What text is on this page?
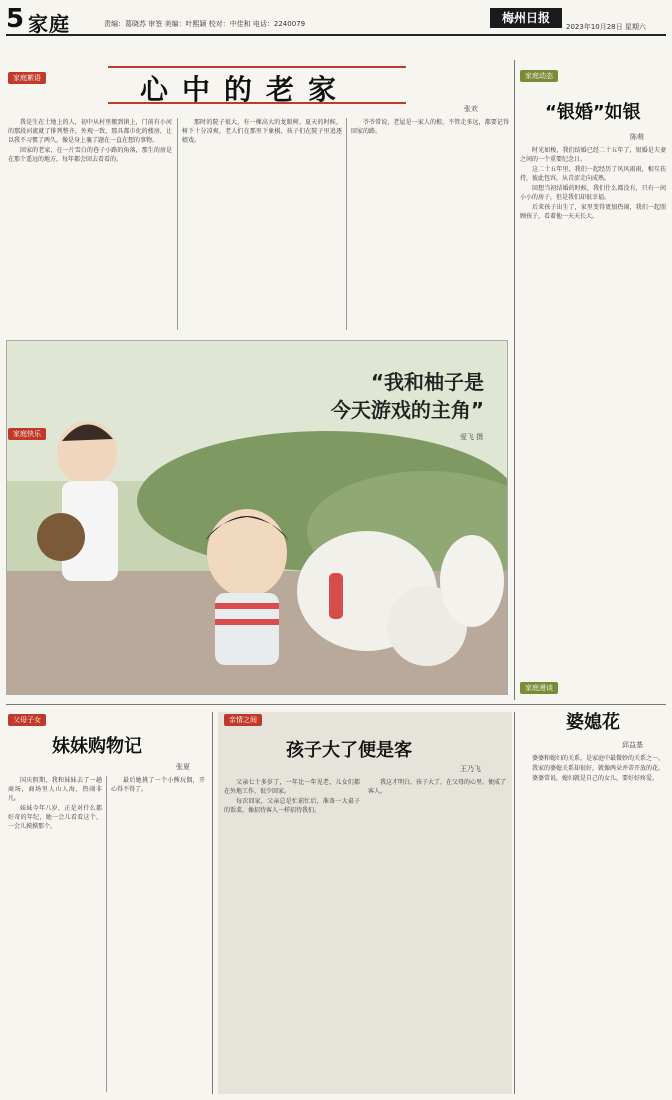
5 家庭	责编：葛晓苏 审签 美编：叶熙颖 校对：中佳和 电话：2240079	梅州日报
2023年10月28日 星期六
家庭絮语	心中的老家
张欢

我是生在土地上的人，初中从村里搬到镇上，门前有小河的那段河流就了排列整齐，外观一致，那具都市化的楼房，让以我不习惯了两久，像是身上襄了题在一直在想的事物。

回家的老家，在一片雪白的巷子小路的角落，那生的房是在那个遥远的地方，每年都会回去看看的。

那时的院子很大，有一棵高大的龙眼树，夏天的时候，树下十分凉爽，老人们在那里下象棋，孩子们在院子里追逐嬉戏。

爷爷常说，老屋是一家人的根，不管走多远，都要记得回家的路。

家庭动态
“银婚”如银
陈萌

时光如梭，我们结婚已经二十五年了，银婚是夫妻之间的一个重要纪念日。

这二十五年里，我们一起经历了风风雨雨，相互扶持，彼此包容，从青涩走向成熟。

回想当初结婚的时候，我们什么都没有，只有一间小小的房子，但是我们却很幸福。

后来孩子出生了，家里变得更加热闹，我们一起照顾孩子，看着他一天天长大。

家庭快乐
“我和柚子是
今天游戏的主角”
爱飞 摄
父母子女
妹妹购物记
张夏

国庆假期，我和妹妹去了一趟商场，商场里人山人海，热闹非凡。

妹妹今年八岁，正是对什么都好奇的年纪，她一会儿看看这个，一会儿摸摸那个。

最后她挑了一个小熊玩偶，开心得不得了。

亲情之间
孩子大了便是客
王乃飞

父亲七十多岁了，一年比一年见老，儿女们都在外地工作，很少回家。

每次回家，父亲总是忙前忙后，准备一大桌子的饭菜，像招待客人一样招待我们。

我这才明白，孩子大了，在父母的心里，便成了客人。

家庭漫谈
婆媳花
邱益基

婆婆和媳妇的关系，是家庭中最微妙的关系之一。

我家的婆媳关系却很好，就像两朵并蒂开放的花。

婆婆常说，媳妇就是自己的女儿，要好好疼爱。
